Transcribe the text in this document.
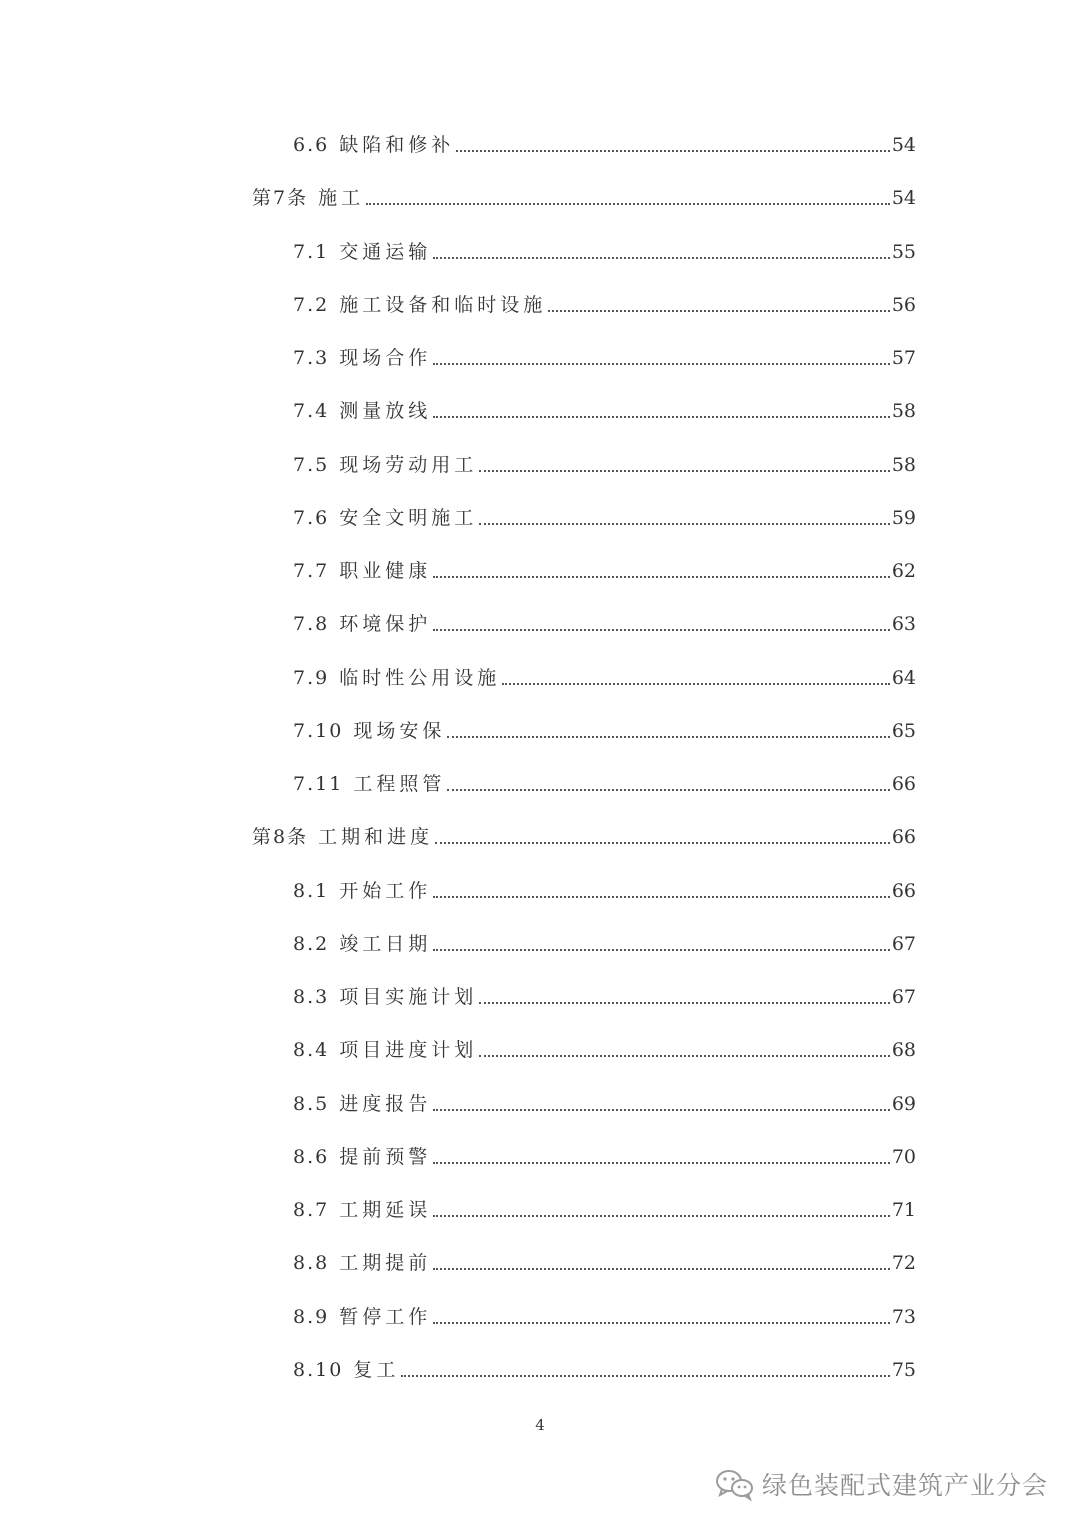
6.6 缺陷和修补	54
第7条 施工	54
7.1 交通运输	55
7.2 施工设备和临时设施	56
7.3 现场合作	57
7.4 测量放线	58
7.5 现场劳动用工	58
7.6 安全文明施工	59
7.7 职业健康	62
7.8 环境保护	63
7.9 临时性公用设施	64
7.10 现场安保	65
7.11 工程照管	66
第8条 工期和进度	66
8.1 开始工作	66
8.2 竣工日期	67
8.3 项目实施计划	67
8.4 项目进度计划	68
8.5 进度报告	69
8.6 提前预警	70
8.7 工期延误	71
8.8 工期提前	72
8.9 暂停工作	73
8.10 复工	75
4
绿色装配式建筑产业分会
